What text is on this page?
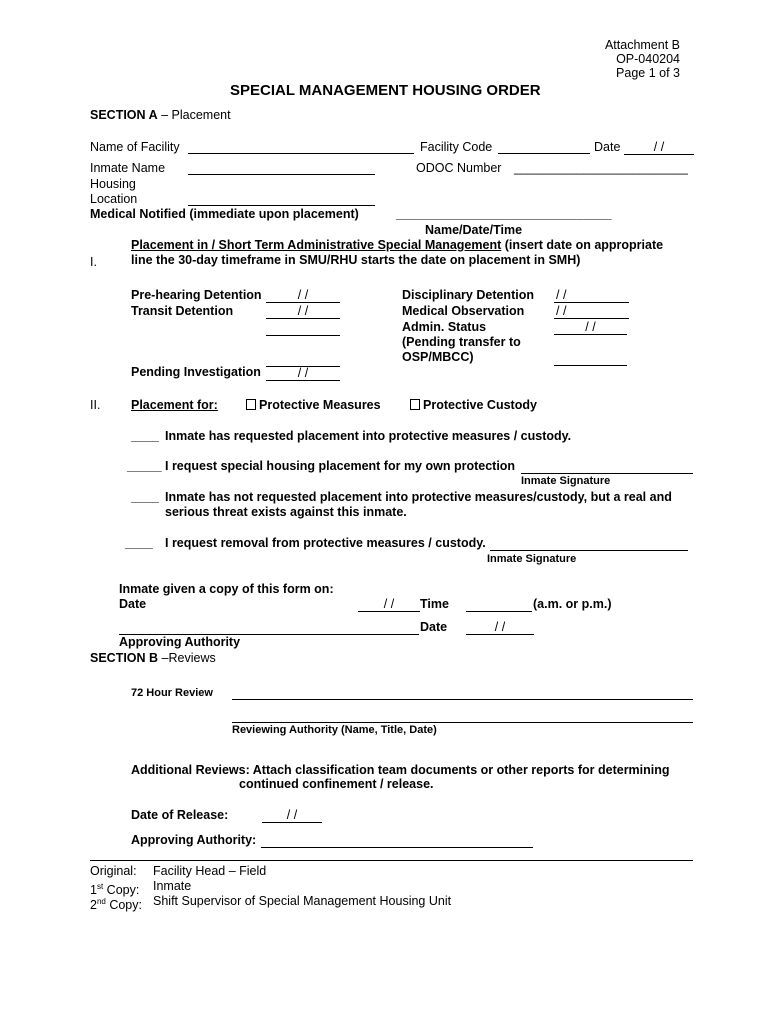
Attachment B
OP-040204
Page 1 of 3
SPECIAL MANAGEMENT HOUSING ORDER
SECTION A – Placement
Name of Facility	Facility Code	Date	/ /
Inmate Name	ODOC Number _________________________
Housing
Location
Medical Notified (immediate upon placement)	_______________________________
Name/Date/Time
Placement in / Short Term Administrative Special Management (insert date on appropriate
I.	line the 30-day timeframe in SMU/RHU starts the date on placement in SMH)
Pre-hearing Detention	/ /
Transit Detention	/ /
Pending Investigation	/ /
Disciplinary Detention / /
Medical Observation	/ /
Admin. Status	/ /
(Pending transfer to
OSP/MBCC)
II. Placement for:	Protective Measures	Protective Custody
____ Inmate has requested placement into protective measures / custody.
_____ I request special housing placement for my own protection
Inmate Signature
____ Inmate has not requested placement into protective measures/custody, but a real and
serious threat exists against this inmate.
____ I request removal from protective measures / custody.
Inmate Signature
Inmate given a copy of this form on:
Date	/ /	Time	(a.m. or p.m.)
Date	/ /
Approving Authority
SECTION B –Reviews
72 Hour Review
Reviewing Authority (Name, Title, Date)
Additional Reviews: Attach classification team documents or other reports for determining
continued confinement / release.
Date of Release:	/ /
Approving Authority:
Original: Facility Head – Field
1st Copy: Inmate
2nd Copy: Shift Supervisor of Special Management Housing Unit
